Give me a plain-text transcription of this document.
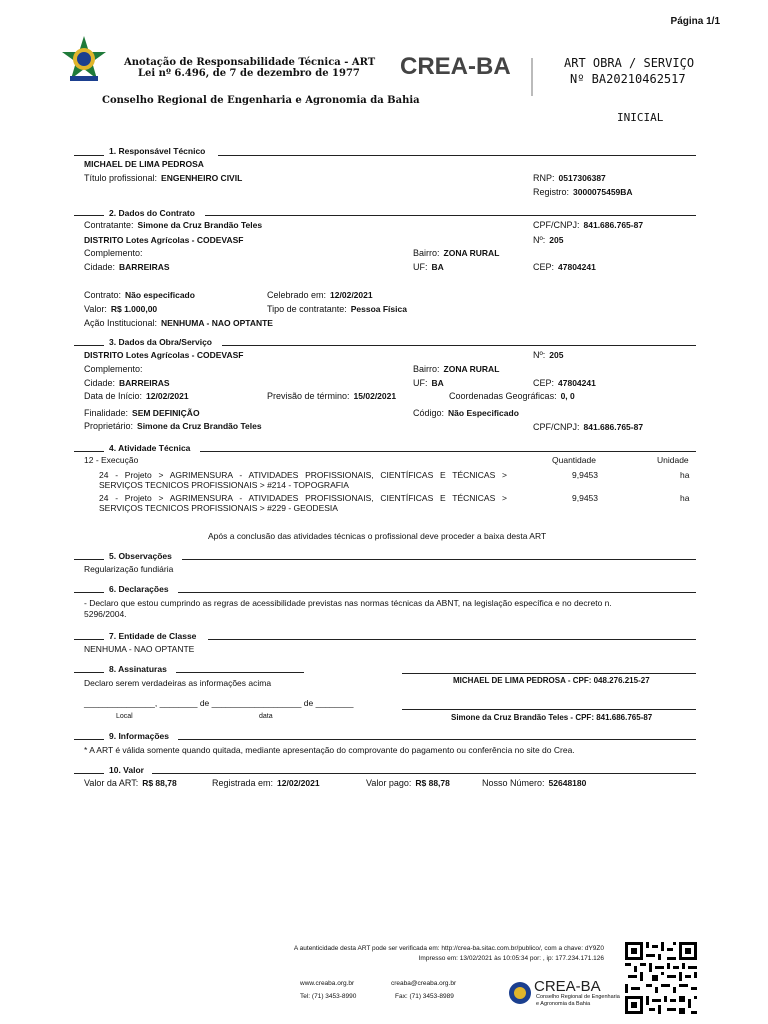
Página 1/1
Anotação de Responsabilidade Técnica - ART
Lei nº 6.496, de 7 de dezembro de 1977 CREA-BA	ART OBRA / SERVIÇO
Nº BA20210462517
Conselho Regional de Engenharia e Agronomia da Bahia
INICIAL
1. Responsável Técnico
MICHAEL DE LIMA PEDROSA
Título profissional: ENGENHEIRO CIVIL	RNP: 0517306387
Registro: 3000075459BA
2. Dados do Contrato
Contratante: Simone da Cruz Brandão Teles	CPF/CNPJ: 841.686.765-87
DISTRITO Lotes Agrícolas - CODEVASF	Nº: 205
Complemento:	Bairro: ZONA RURAL
Cidade: BARREIRAS	UF: BA	CEP: 47804241
Contrato: Não especificado	Celebrado em: 12/02/2021
Valor: R$ 1.000,00	Tipo de contratante: Pessoa Física
Ação Institucional: NENHUMA - NAO OPTANTE
3. Dados da Obra/Serviço
DISTRITO Lotes Agrícolas - CODEVASF	Nº: 205
Complemento:	Bairro: ZONA RURAL
Cidade: BARREIRAS	UF: BA	CEP: 47804241
Data de Início: 12/02/2021	Previsão de término: 15/02/2021	Coordenadas Geográficas: 0, 0
Finalidade: SEM DEFINIÇÃO	Código: Não Especificado
Proprietário: Simone da Cruz Brandão Teles	CPF/CNPJ: 841.686.765-87
4. Atividade Técnica
12 - Execução	Quantidade	Unidade
24 - Projeto > AGRIMENSURA - ATIVIDADES PROFISSIONAIS, CIENTÍFICAS E TÉCNICAS >
SERVIÇOS TECNICOS PROFISSIONAIS > #214 - TOPOGRAFIA
9,9453	ha
24 - Projeto > AGRIMENSURA - ATIVIDADES PROFISSIONAIS, CIENTÍFICAS E TÉCNICAS >
SERVIÇOS TECNICOS PROFISSIONAIS > #229 - GEODESIA
9,9453	ha
Após a conclusão das atividades técnicas o profissional deve proceder a baixa desta ART
5. Observações
Regularização fundiária
6. Declarações
- Declaro que estou cumprindo as regras de acessibilidade previstas nas normas técnicas da ABNT, na legislação específica e no decreto n.
5296/2004.
7. Entidade de Classe
NENHUMA - NAO OPTANTE
8. Assinaturas
Declaro serem verdadeiras as informações acima	MICHAEL DE LIMA PEDROSA - CPF: 048.276.215-27
_______________, ________ de ___________________ de ________
Local	data	Simone da Cruz Brandão Teles - CPF: 841.686.765-87
9. Informações
* A ART é válida somente quando quitada, mediante apresentação do comprovante do pagamento ou conferência no site do Crea.
10. Valor
Valor da ART: R$ 88,78	Registrada em: 12/02/2021	Valor pago: R$ 88,78	Nosso Número: 52648180
A autenticidade desta ART pode ser verificada em: http://crea-ba.sitac.com.br/publico/, com a chave: dY9Z0
Impresso em: 13/02/2021 às 10:05:34 por: , ip: 177.234.171.126
www.creaba.org.br	creaba@creaba.org.br
Tel: (71) 3453-8990	Fax: (71) 3453-8989
CREA-BA
Conselho Regional de Engenharia
e Agronomia da Bahia
